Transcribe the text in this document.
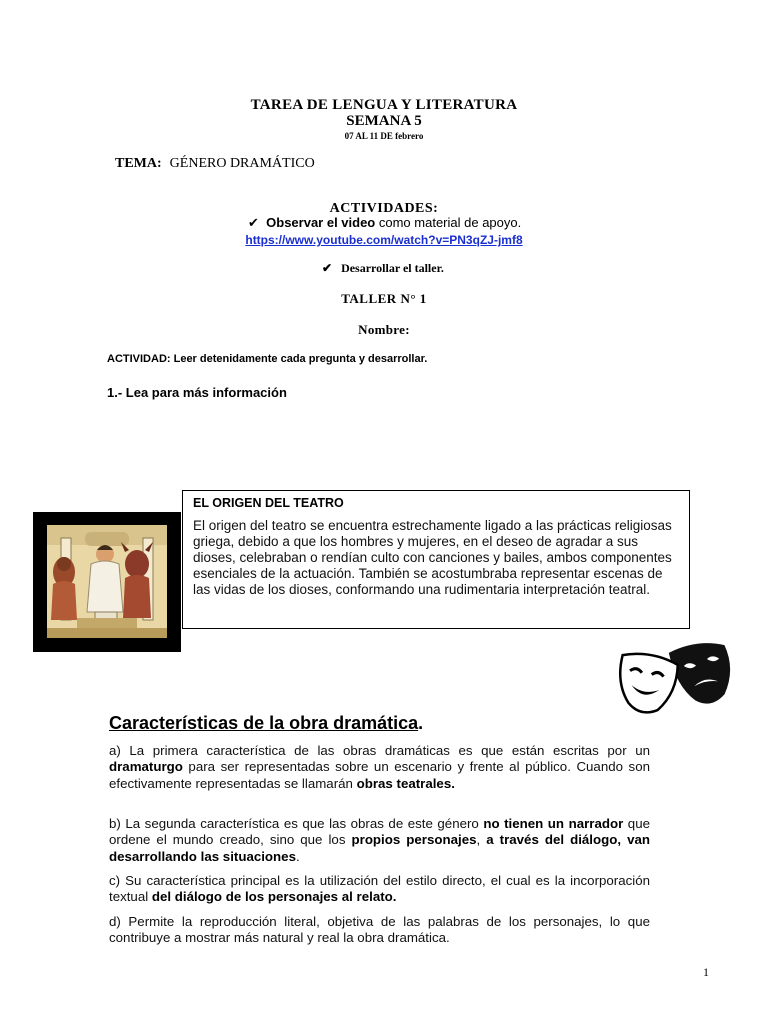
TAREA DE LENGUA Y LITERATURA
SEMANA 5
07 AL 11 DE febrero
TEMA: GÉNERO DRAMÁTICO
ACTIVIDADES:
✔ Observar el video como material de apoyo.
https://www.youtube.com/watch?v=PN3qZJ-jmf8
✔ Desarrollar el taller.
TALLER N° 1
Nombre:
ACTIVIDAD: Leer detenidamente cada pregunta y desarrollar.
1.- Lea para más información
EL ORIGEN DEL TEATRO
El origen del teatro se encuentra estrechamente ligado a las prácticas religiosas griega, debido a que los hombres y mujeres, en el deseo de agradar a sus dioses, celebraban o rendían culto con canciones y bailes, ambos componentes esenciales de la actuación. También se acostumbraba representar escenas de las vidas de los dioses, conformando una rudimentaria interpretación teatral.
Características de la obra dramática.
a) La primera característica de las obras dramáticas es que están escritas por un dramaturgo para ser representadas sobre un escenario y frente al público. Cuando son efectivamente representadas se llamarán obras teatrales.
b) La segunda característica es que las obras de este género no tienen un narrador que ordene el mundo creado, sino que los propios personajes, a través del diálogo, van desarrollando las situaciones.
c) Su característica principal es la utilización del estilo directo, el cual es la incorporación textual del diálogo de los personajes al relato.
d) Permite la reproducción literal, objetiva de las palabras de los personajes, lo que contribuye a mostrar más natural y real la obra dramática.
1
